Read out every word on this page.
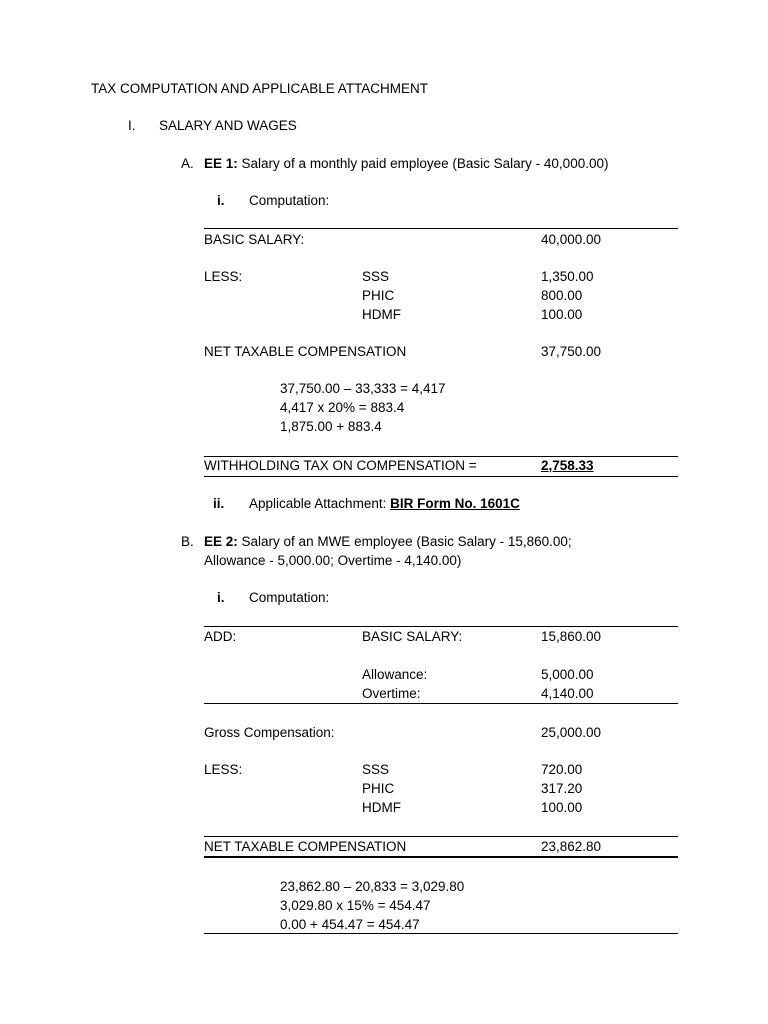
TAX COMPUTATION AND APPLICABLE ATTACHMENT
I. SALARY AND WAGES
A. EE 1: Salary of a monthly paid employee (Basic Salary - 40,000.00)
i. Computation:
BASIC SALARY:	40,000.00
LESS:	SSS	1,350.00
PHIC	800.00
HDMF	100.00
NET TAXABLE COMPENSATION	37,750.00
37,750.00 – 33,333 = 4,417
4,417 x 20% = 883.4
1,875.00 + 883.4
WITHHOLDING TAX ON COMPENSATION =	2,758.33
ii. Applicable Attachment: BIR Form No. 1601C
B. EE 2: Salary of an MWE employee (Basic Salary - 15,860.00;
Allowance - 5,000.00; Overtime - 4,140.00)
i. Computation:
ADD:	BASIC SALARY:	15,860.00
Allowance:	5,000.00
Overtime:	4,140.00
Gross Compensation:	25,000.00
LESS:	SSS	720.00
PHIC	317.20
HDMF	100.00
NET TAXABLE COMPENSATION	23,862.80
23,862.80 – 20,833 = 3,029.80
3,029.80 x 15% = 454.47
0.00 + 454.47 = 454.47
